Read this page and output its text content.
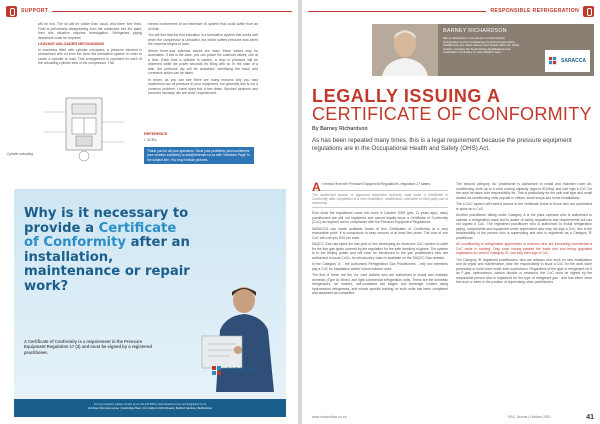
SUPPORT

will be low. The oil will be colder than usual, and there fore thick. Fluid is periodically disappearing from the crankcase into the plant, then this situation requires investigation. Refrigerant piping deviations could be required.

LEAVING UNLOADER MECHANISMS

In machines fitted with cylinder unloaders, a pressure element is pressurised with oil from the force fed lubrication system in order to cause a cylinder to load. This arrangement is repeated for each of the unloading cylinder sets in the compressor. This

means involvement of an extensive oil system that could suffer from an oil leak.

You will find that the first indication is a lubrication system that works well when the compressor is unloaded, but which suffers pressure loss when the machine begins to load.

Where three-way solenoid valves are used, these valves may be accessible. If this is the case, you can power the solenoid valves, one at a time. Each time a cylinder is loaded, a drop in pressure will be observed while the power seconds it's filling with oil. In the case of a leak, the pressure dip will be sustained, identifying the issue and corrective action can be taken.

In return, as you can see there are many reasons why you may experience low oil pressure in your equipment, but generally this is not a common problem. I have seen this a few times. Blocked strainers and incorrect viscosity oils are what I experienced.

Cylinder unloading
REFERENCE
•  ACRA
Thank you for all your questions. Send your problems (and sometimes your creative solutions) to ask@refrenter.co.za with 'Solutions Page' in the subject line. You may include pictures.
Why is it necessary to provide a Certificate of Conformity after an installation, maintenance or repair work?
A Certificate of Conformity is a requirement in the Pressure Equipment Regulation 17 (3) and must be signed by a registered practitioner.
SARACCA
For any enquiries, please contact us on 011 425 9999 | www.saracca.co.za | service@sarac.co.za
2nd Floor Riverview House | Cambridge Place | Cnr Hollig & Oxford Roads | Bedford Gardens | Bedfordview
RESPONSIBLE REFRIGERATION
BARNEY RICHARDSON
Barney Richardson is the director of South African Refrigeration and Air Conditioning Contractors Association (SARACCA) and chairs various other boards within the HVAC industry, including the South African Qualifications and Certification Committee for Gas (SAQCC Gas).
SARACCA
LEGALLY ISSUING A
CERTIFICATE OF CONFORMITY
By Barney Richardson
As has been repeated many times, this is a legal requirement because the pressure equipment regulations are in the Occupational Health and Safety (OHS) Act.

An extract from the Pressure Equipment Regulations, regulation 17 states:

The authorised person or approved inspection authority shall issue a Certificate of Conformity after completion of a new installation, modification, alteration or third party-use of ownership.

Ever since the regulations came into force in October 2009 (yes, 11 years ago), many practitioners are still not registered and cannot legally issue a Certificate of Conformity (CoC) as required and in compliance with the Pressure Equipment Regulations.

SARACCA has made available books of this Certificates of Conformity at a very reasonable price. It is compulsory to keep records of at least five years. The cost of one CoC will cost you R15 per each.

SAQCC Gas has spent the last year or two developing an electronic CoC system to cater for the four gas types covered by the regulation for the safe handling of gases. The system is in the testing phase and will soon be introduced to the gas practitioners who are authorised to issue CoCs. An introductory video is available on the SAQCC Gas website.

In the Category 'A' - the Authorised Refrigeration Gas Practitioners - only two members pay a CoC for installation and/or indoor/outdoor work.

The first of these are the 'Ac' card holders who are authorised to install and maintain domestic (Type A) Mixed, and light commercial refrigeration units. These are the domestic refrigerators, ice makers, self-contained bar fridges and beverage coolers using hydrocarbon refrigerants, and whose specific training on such units has been completed and assessed as competent.

The second category 'Ac' practitioner is authorised to install and maintain room air-conditioning units up to a total cooling capacity (approx 8/12kw) and can sign a CoC for the work he takes sole responsibility for. This is particularly for the split wall type and small ducted air-conditioning units popular in offices, small shops and home installations.

The e-CoC system will restrict access to the certificate forms to those who are authorised to issue an e-CoC.

Another practitioner falling under Category A is the plant operator who is authorised to operate a refrigeration plant and is aware of safety regulations and requirements but has not signed a CoC. The registered practitioner who is authorised to install refrigeration piping, components and equipment under supervision also may not sign a CoC; this is the responsibility of the person who is supervising and who is registered as a Category 'B' practitioner.

Air conditioning or refrigeration apprentices or learners who are increasing commercial a CoC while in training. Only once having passed the trade test and being upgraded registration to Level in Category 'B', can they then sign a CoC.

The Category 'B' registered practitioners, who are artisans who work on new installations and do repair and maintenance, take the responsibility to issue a CoC for the work done personally or work done under their supervision. Regardless of the type of refrigerant, be it an F-gas, hydrocarbon, carbon dioxide or ammonia, the CoC must be signed by the responsible person who is registered for the type of refrigerant gas - and has either done the work or been in the position of supervising other practitioners.

www.hvacronline.co.za	RAC Journal | October 2020	41
